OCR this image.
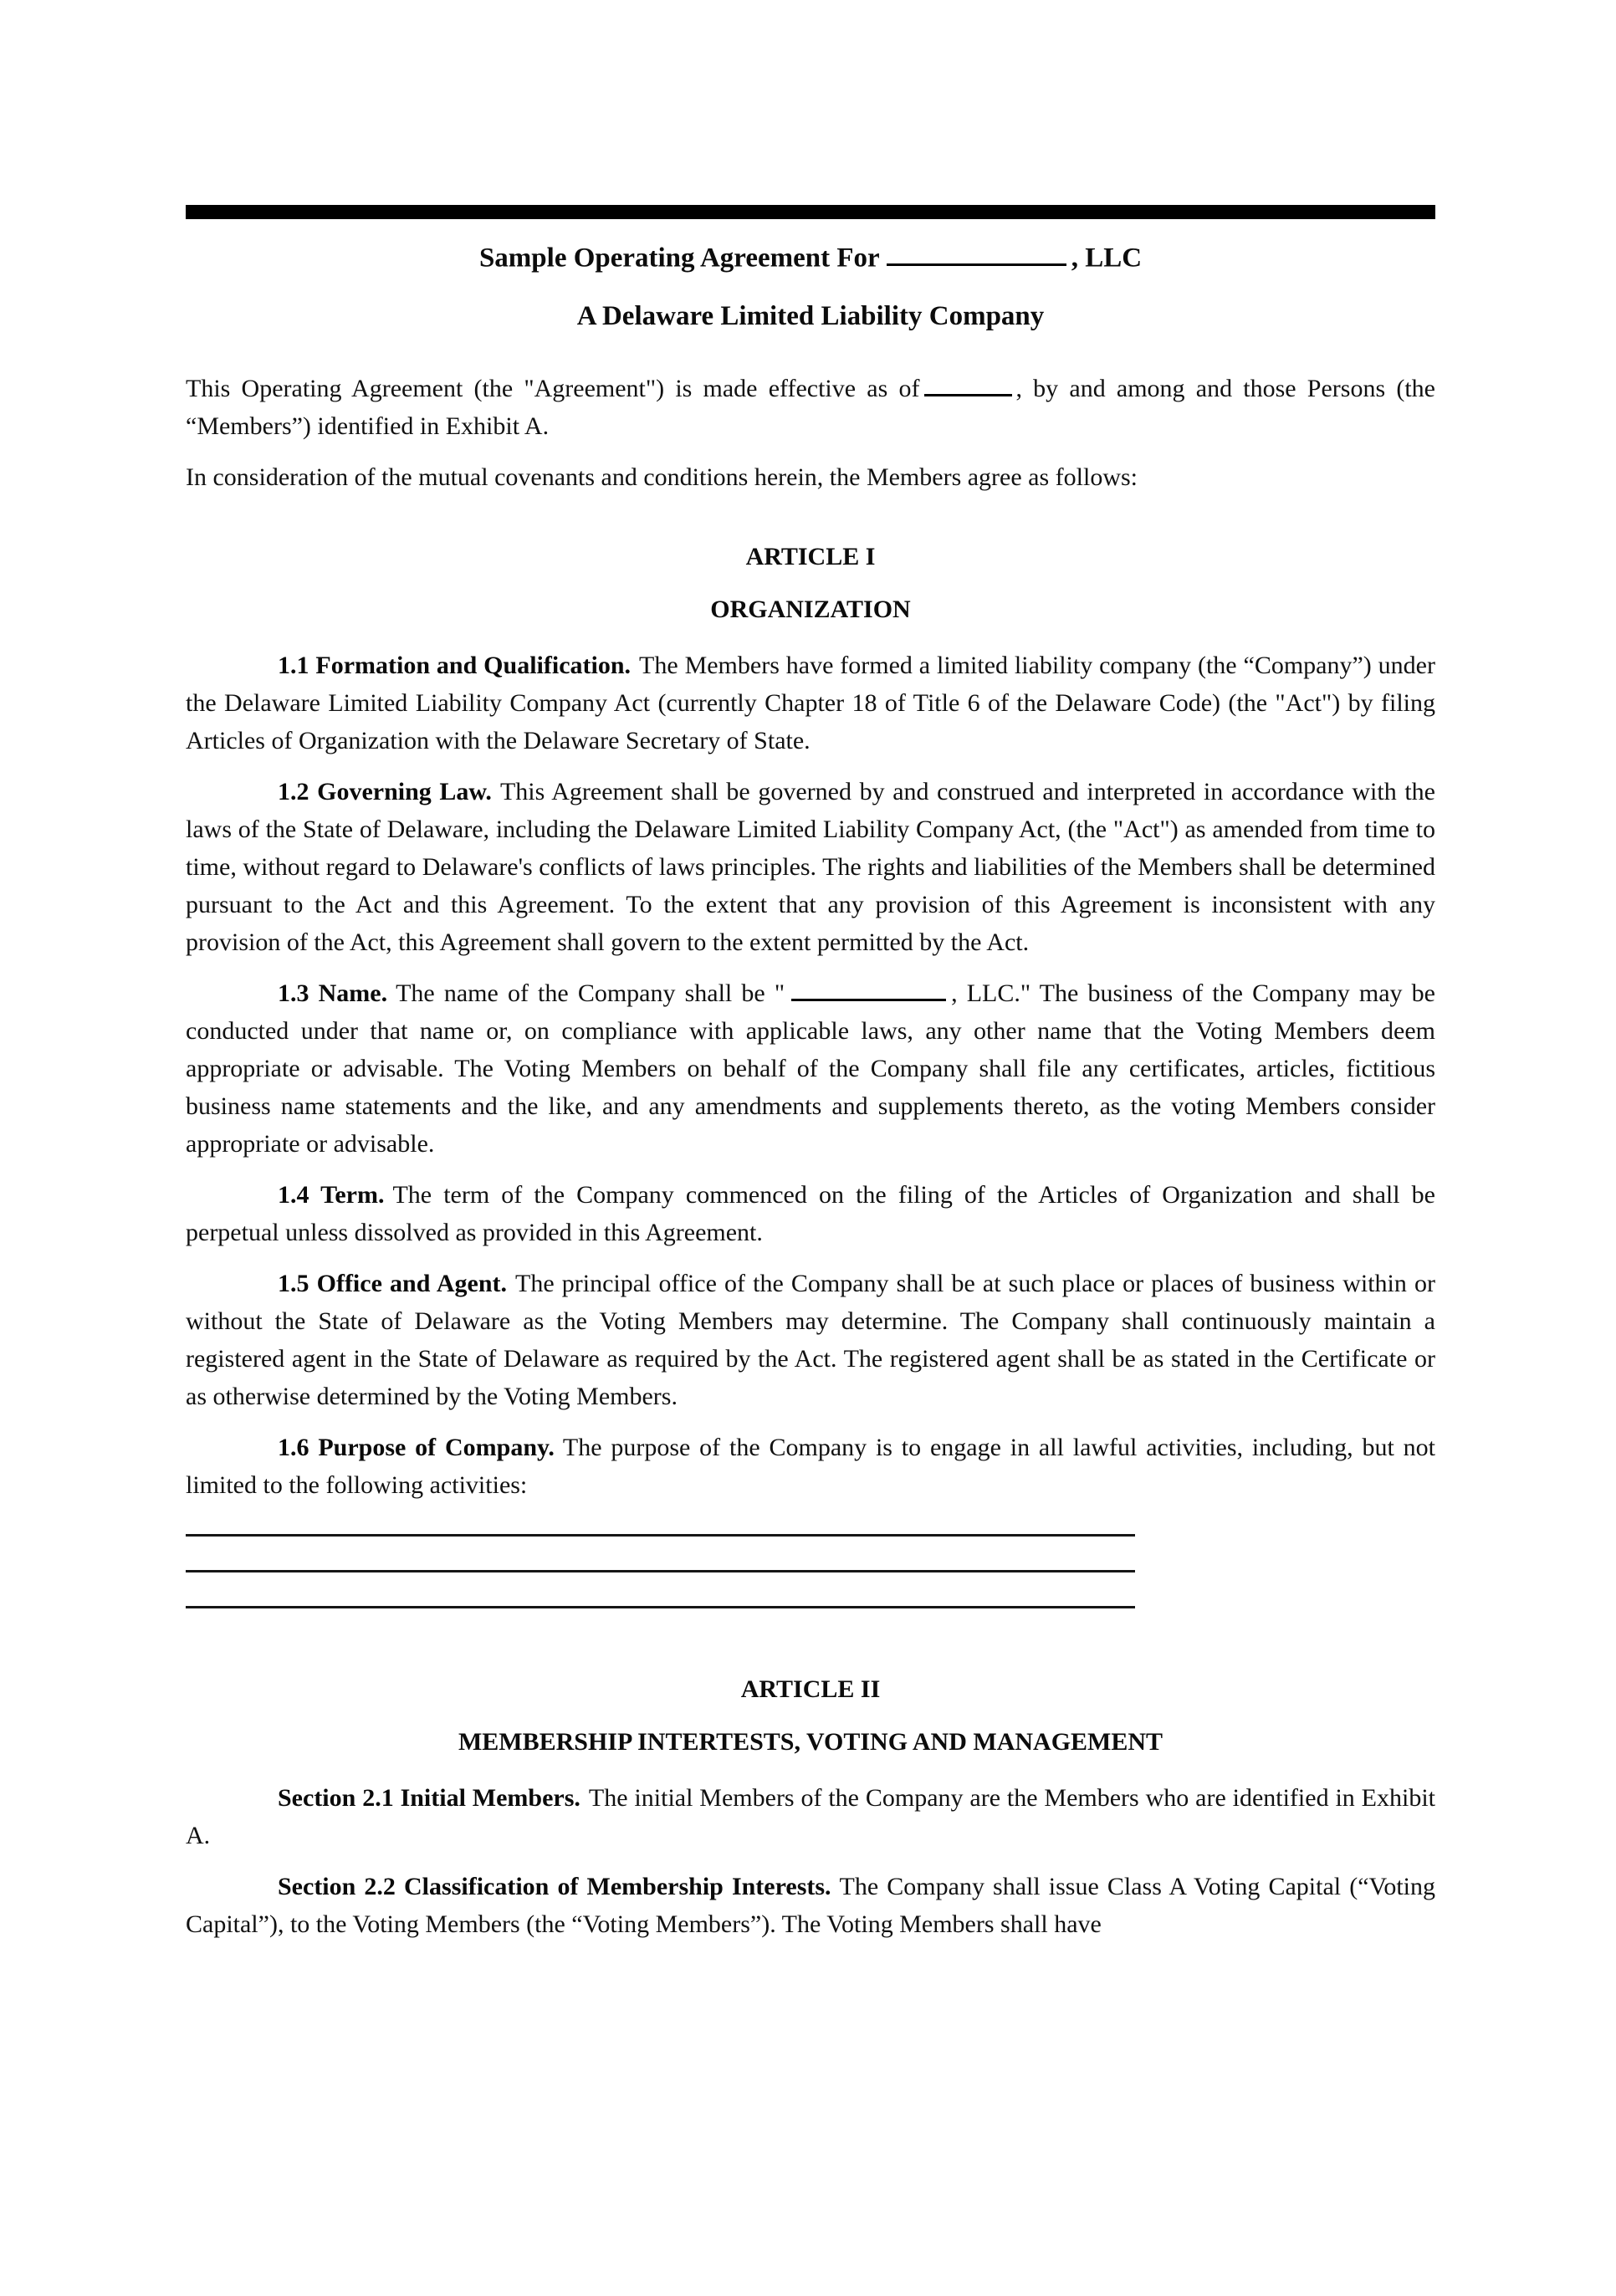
Sample Operating Agreement For	, LLC
A Delaware Limited Liability Company

This Operating Agreement (the "Agreement") is made effective as of	, by and among and those Persons (the “Members”) identified in Exhibit A.

In consideration of the mutual covenants and conditions herein, the Members agree as follows:

ARTICLE I
ORGANIZATION

1.1 Formation and Qualification. The Members have formed a limited liability company (the “Company”) under the Delaware Limited Liability Company Act (currently Chapter 18 of Title 6 of the Delaware Code) (the "Act") by filing Articles of Organization with the Delaware Secretary of State.

1.2 Governing Law. This Agreement shall be governed by and construed and interpreted in accordance with the laws of the State of Delaware, including the Delaware Limited Liability Company Act, (the "Act") as amended from time to time, without regard to Delaware's conflicts of laws principles. The rights and liabilities of the Members shall be determined pursuant to the Act and this Agreement. To the extent that any provision of this Agreement is inconsistent with any provision of the Act, this Agreement shall govern to the extent permitted by the Act.

1.3 Name. The name of the Company shall be "	, LLC." The business of the Company may be conducted under that name or, on compliance with applicable laws, any other name that the Voting Members deem appropriate or advisable. The Voting Members on behalf of the Company shall file any certificates, articles, fictitious business name statements and the like, and any amendments and supplements thereto, as the voting Members consider appropriate or advisable.

1.4 Term. The term of the Company commenced on the filing of the Articles of Organization and shall be perpetual unless dissolved as provided in this Agreement.

1.5 Office and Agent. The principal office of the Company shall be at such place or places of business within or without the State of Delaware as the Voting Members may determine. The Company shall continuously maintain a registered agent in the State of Delaware as required by the Act. The registered agent shall be as stated in the Certificate or as otherwise determined by the Voting Members.

1.6 Purpose of Company. The purpose of the Company is to engage in all lawful activities, including, but not limited to the following activities:

ARTICLE II
MEMBERSHIP INTERTESTS, VOTING AND MANAGEMENT

Section 2.1 Initial Members. The initial Members of the Company are the Members who are identified in Exhibit A.

Section 2.2 Classification of Membership Interests. The Company shall issue Class A Voting Capital (“Voting Capital”), to the Voting Members (the “Voting Members”). The Voting Members shall have
